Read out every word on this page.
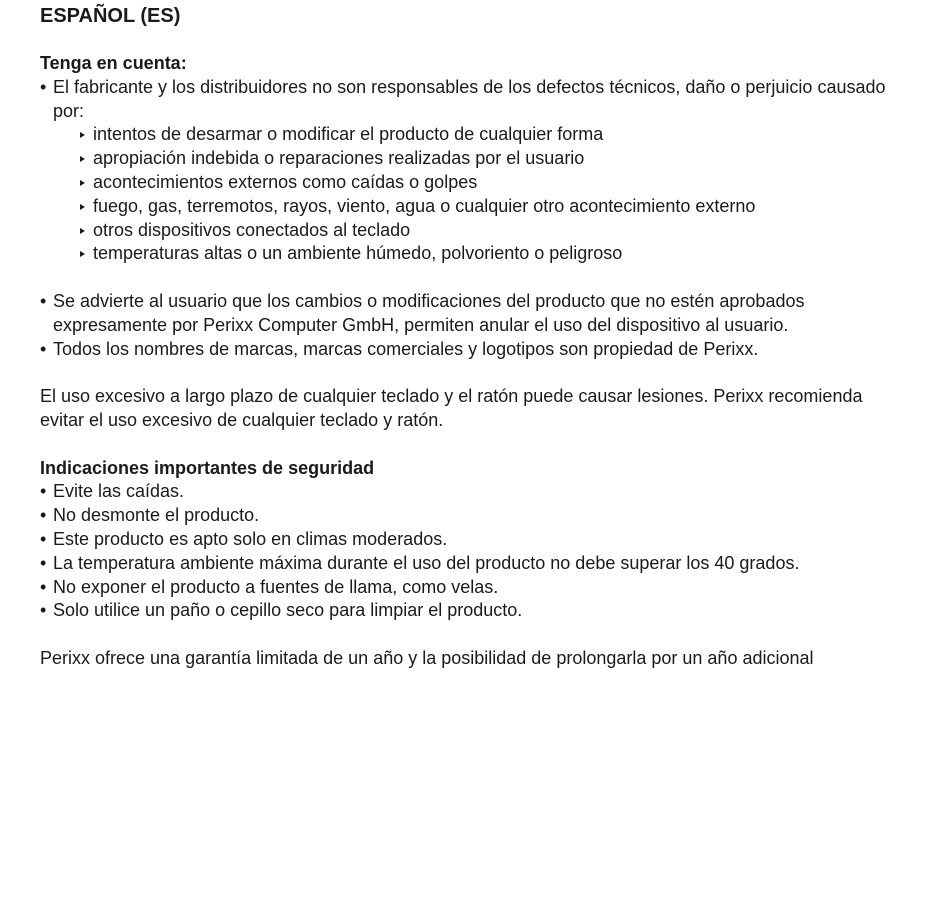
ESPAÑOL (ES)
Tenga en cuenta:
• El fabricante y los distribuidores no son responsables de los defectos técnicos, daño o perjuicio causado por:
intentos de desarmar o modificar el producto de cualquier forma
apropiación indebida o reparaciones realizadas por el usuario
acontecimientos externos como caídas o golpes
fuego, gas, terremotos, rayos, viento, agua o cualquier otro acontecimiento externo
otros dispositivos conectados al teclado
temperaturas altas o un ambiente húmedo, polvoriento o peligroso
• Se advierte al usuario que los cambios o modificaciones del producto que no estén aprobados expresamente por Perixx Computer GmbH, permiten anular el uso del dispositivo al usuario.
• Todos los nombres de marcas, marcas comerciales y logotipos son propiedad de Perixx.

El uso excesivo a largo plazo de cualquier teclado y el ratón puede causar lesiones. Perixx recomienda evitar el uso excesivo de cualquier teclado y ratón.

Indicaciones importantes de seguridad
• Evite las caídas.
• No desmonte el producto.
• Este producto es apto solo en climas moderados.
• La temperatura ambiente máxima durante el uso del producto no debe superar los 40 grados.
• No exponer el producto a fuentes de llama, como velas.
• Solo utilice un paño o cepillo seco para limpiar el producto.

Perixx ofrece una garantía limitada de un año y la posibilidad de prolongarla por un año adicional
